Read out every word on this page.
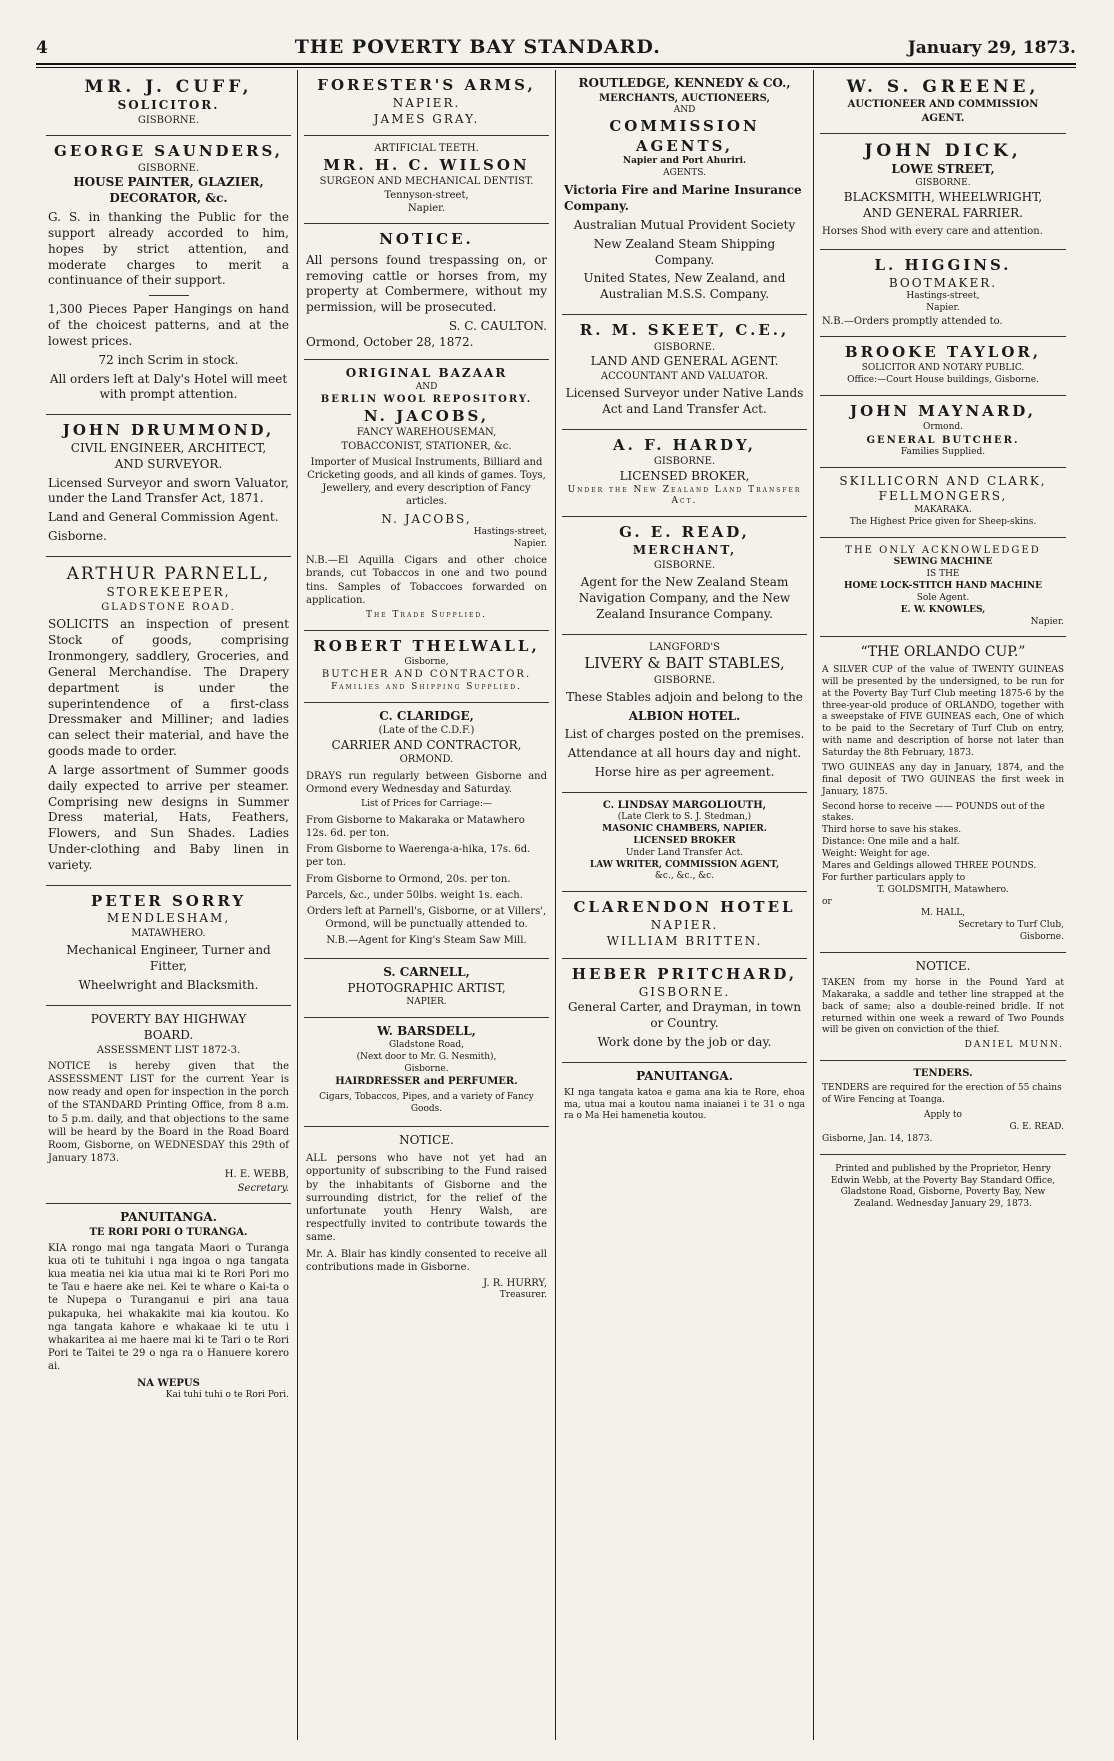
4	THE POVERTY BAY STANDARD.	January 29, 1873.
MR. J. CUFF,
SOLICITOR.
GISBORNE.
GEORGE SAUNDERS,
GISBORNE.
HOUSE PAINTER, GLAZIER,
DECORATOR, &c.

G. S. in thanking the Public for the support already accorded to him, hopes by strict attention, and moderate charges to merit a continuance of their support.

1,300 Pieces Paper Hangings on hand of the choicest patterns, and at the lowest prices.

72 inch Scrim in stock.

All orders left at Daly's Hotel will meet with prompt attention.

JOHN DRUMMOND,
CIVIL ENGINEER, ARCHITECT,
AND SURVEYOR.

Licensed Surveyor and sworn Valuator, under the Land Transfer Act, 1871.

Land and General Commission Agent.

Gisborne.

ARTHUR PARNELL,
STOREKEEPER,
GLADSTONE ROAD.

SOLICITS an inspection of present Stock of goods, comprising Ironmongery, saddlery, Groceries, and General Merchandise. The Drapery department is under the superintendence of a first-class Dressmaker and Milliner; and ladies can select their material, and have the goods made to order.

A large assortment of Summer goods daily expected to arrive per steamer. Comprising new designs in Summer Dress material, Hats, Feathers, Flowers, and Sun Shades. Ladies Under-clothing and Baby linen in variety.

PETER SORRY
MENDLESHAM,
MATAWHERO.

Mechanical Engineer, Turner and Fitter,

Wheelwright and Blacksmith.

POVERTY BAY HIGHWAY
BOARD.
ASSESSMENT LIST 1872-3.

NOTICE is hereby given that the ASSESSMENT LIST for the current Year is now ready and open for inspection in the porch of the STANDARD Printing Office, from 8 a.m. to 5 p.m. daily, and that objections to the same will be heard by the Board in the Road Board Room, Gisborne, on WEDNESDAY this 29th of January 1873.

H. E. WEBB,
Secretary.
PANUITANGA.
TE RORI PORI O TURANGA.

KIA rongo mai nga tangata Maori o Turanga kua oti te tuhituhi i nga ingoa o nga tangata kua meatia nei kia utua mai ki te Rori Pori mo te Tau e haere ake nei. Kei te whare o Kai-ta o te Nupepa o Turanganui e piri ana taua pukapuka, hei whakakite mai kia koutou. Ko nga tangata kahore e whakaae ki te utu i whakaritea ai me haere mai ki te Tari o te Rori Pori te Taitei te 29 o nga ra o Hanuere korero ai.

NA WEPUS
Kai tuhi tuhi o te Rori Pori.
FORESTER'S ARMS,
NAPIER.
JAMES GRAY.
ARTIFICIAL TEETH.
MR. H. C. WILSON
SURGEON AND MECHANICAL DENTIST.
Tennyson-street,
Napier.
NOTICE.

All persons found trespassing on, or removing cattle or horses from, my property at Combermere, without my permission, will be prosecuted.

S. C. CAULTON.
Ormond, October 28, 1872.
ORIGINAL BAZAAR
AND
BERLIN WOOL REPOSITORY.
N. JACOBS,
FANCY WAREHOUSEMAN,
TOBACCONIST, STATIONER, &c.

Importer of Musical Instruments, Billiard and Cricketing goods, and all kinds of games. Toys, Jewellery, and every description of Fancy articles.

N. JACOBS,
Hastings-street,
Napier.

N.B.—El Aquilla Cigars and other choice brands, cut Tobaccos in one and two pound tins. Samples of Tobaccoes forwarded on application.

The Trade Supplied.
ROBERT THELWALL,
Gisborne,
BUTCHER AND CONTRACTOR.
Families and Shipping Supplied.
C. CLARIDGE,
(Late of the C.D.F.)
CARRIER AND CONTRACTOR,
ORMOND.

DRAYS run regularly between Gisborne and Ormond every Wednesday and Saturday.

List of Prices for Carriage:—

From Gisborne to Makaraka or Matawhero 12s. 6d. per ton.

From Gisborne to Waerenga-a-hika, 17s. 6d. per ton.

From Gisborne to Ormond, 20s. per ton.

Parcels, &c., under 50lbs. weight 1s. each.

Orders left at Parnell's, Gisborne, or at Villers', Ormond, will be punctually attended to.

N.B.—Agent for King's Steam Saw Mill.

S. CARNELL,
PHOTOGRAPHIC ARTIST,
NAPIER.
W. BARSDELL,
Gladstone Road,
(Next door to Mr. G. Nesmith),
Gisborne.
HAIRDRESSER and PERFUMER.

Cigars, Tobaccos, Pipes, and a variety of Fancy Goods.

NOTICE.

ALL persons who have not yet had an opportunity of subscribing to the Fund raised by the inhabitants of Gisborne and the surrounding district, for the relief of the unfortunate youth Henry Walsh, are respectfully invited to contribute towards the same.

Mr. A. Blair has kindly consented to receive all contributions made in Gisborne.

J. R. HURRY,
Treasurer.
ROUTLEDGE, KENNEDY & CO.,
MERCHANTS, AUCTIONEERS,
AND
COMMISSION AGENTS,
Napier and Port Ahuriri.
AGENTS.

Victoria Fire and Marine Insurance Company.

Australian Mutual Provident Society

New Zealand Steam Shipping Company.

United States, New Zealand, and Australian M.S.S. Company.

R. M. SKEET, C.E.,
GISBORNE.
LAND AND GENERAL AGENT.
ACCOUNTANT AND VALUATOR.

Licensed Surveyor under Native Lands Act and Land Transfer Act.

A. F. HARDY,
GISBORNE.
LICENSED BROKER,
Under the New Zealand Land Transfer Act.
G. E. READ,
MERCHANT,
GISBORNE.

Agent for the New Zealand Steam Navigation Company, and the New Zealand Insurance Company.

LANGFORD'S
LIVERY & BAIT STABLES,
GISBORNE.

These Stables adjoin and belong to the

ALBION HOTEL.

List of charges posted on the premises.

Attendance at all hours day and night.

Horse hire as per agreement.

C. LINDSAY MARGOLIOUTH,
(Late Clerk to S. J. Stedman,)
MASONIC CHAMBERS, NAPIER.
LICENSED BROKER
Under Land Transfer Act.
LAW WRITER, COMMISSION AGENT,
&c., &c., &c.
CLARENDON HOTEL
NAPIER.
WILLIAM BRITTEN.
HEBER PRITCHARD,
GISBORNE.
General Carter, and Drayman, in town
or Country.

Work done by the job or day.

PANUITANGA.

KI nga tangata katoa e gama ana kia te Rore, ehoa ma, utua mai a koutou nama inaianei i te 31 o nga ra o Ma Hei hamenetia koutou.

W. S. GREENE,
AUCTIONEER AND COMMISSION
AGENT.
JOHN DICK,
LOWE STREET,
GISBORNE.
BLACKSMITH, WHEELWRIGHT,
AND GENERAL FARRIER.

Horses Shod with every care and attention.

L. HIGGINS.
BOOTMAKER.
Hastings-street,
Napier.
N.B.—Orders promptly attended to.
BROOKE TAYLOR,
SOLICITOR AND NOTARY PUBLIC.
Office:—Court House buildings, Gisborne.
JOHN MAYNARD,
Ormond.
GENERAL BUTCHER.
Families Supplied.
SKILLICORN AND CLARK,
FELLMONGERS,
MAKARAKA.
The Highest Price given for Sheep-skins.
THE ONLY ACKNOWLEDGED
SEWING MACHINE
IS THE
HOME LOCK-STITCH HAND MACHINE
Sole Agent.
E. W. KNOWLES,
Napier.
“THE ORLANDO CUP.”

A SILVER CUP of the value of TWENTY GUINEAS will be presented by the undersigned, to be run for at the Poverty Bay Turf Club meeting 1875-6 by the three-year-old produce of ORLANDO, together with a sweepstake of FIVE GUINEAS each, One of which to be paid to the Secretary of Turf Club on entry, with name and description of horse not later than Saturday the 8th February, 1873.

TWO GUINEAS any day in January, 1874, and the final deposit of TWO GUINEAS the first week in January, 1875.

Second horse to receive —— POUNDS out of the stakes.
Third horse to save his stakes.
Distance: One mile and a half.
Weight: Weight for age.
Mares and Geldings allowed THREE POUNDS.
For further particulars apply to
T. GOLDSMITH, Matawhero.
or
M. HALL,
Secretary to Turf Club,
Gisborne.
NOTICE.

TAKEN from my horse in the Pound Yard at Makaraka, a saddle and tether line strapped at the back of same; also a double-reined bridle. If not returned within one week a reward of Two Pounds will be given on conviction of the thief.

DANIEL MUNN.
TENDERS.

TENDERS are required for the erection of 55 chains of Wire Fencing at Toanga.

Apply to
G. E. READ.
Gisborne, Jan. 14, 1873.

Printed and published by the Proprietor, Henry Edwin Webb, at the Poverty Bay Standard Office, Gladstone Road, Gisborne, Poverty Bay, New Zealand. Wednesday January 29, 1873.
